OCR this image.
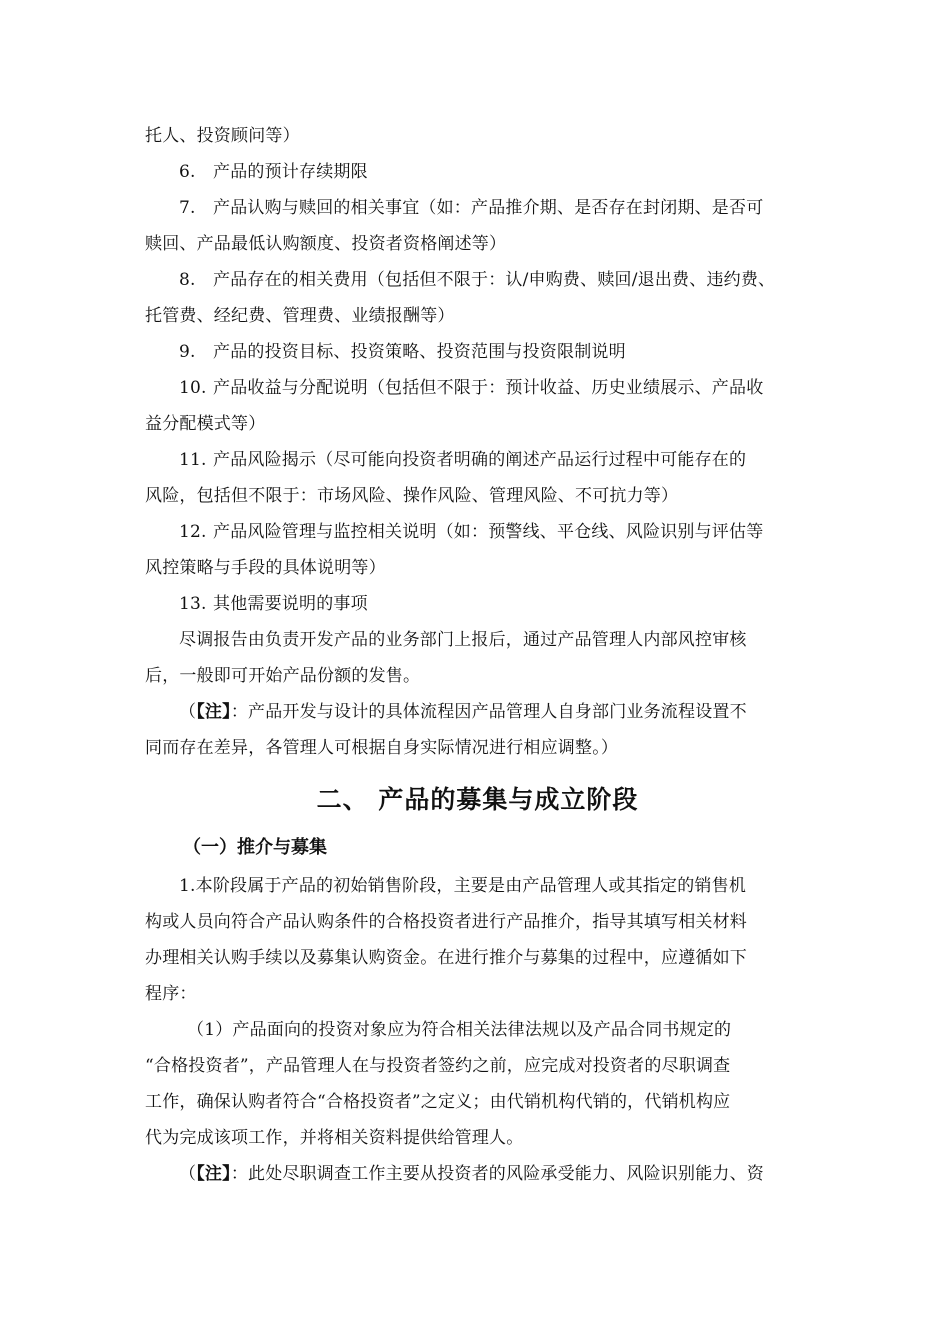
托人、投资顾问等）
6. 产品的预计存续期限
7. 产品认购与赎回的相关事宜（如：产品推介期、是否存在封闭期、是否可
赎回、产品最低认购额度、投资者资格阐述等）
8. 产品存在的相关费用（包括但不限于：认/申购费、赎回/退出费、违约费、
托管费、经纪费、管理费、业绩报酬等）
9. 产品的投资目标、投资策略、投资范围与投资限制说明
10. 产品收益与分配说明（包括但不限于：预计收益、历史业绩展示、产品收
益分配模式等）
11. 产品风险揭示（尽可能向投资者明确的阐述产品运行过程中可能存在的
风险，包括但不限于：市场风险、操作风险、管理风险、不可抗力等）
12. 产品风险管理与监控相关说明（如：预警线、平仓线、风险识别与评估等
风控策略与手段的具体说明等）
13. 其他需要说明的事项
尽调报告由负责开发产品的业务部门上报后，通过产品管理人内部风控审核
后，一般即可开始产品份额的发售。
（【注】：产品开发与设计的具体流程因产品管理人自身部门业务流程设置不
同而存在差异，各管理人可根据自身实际情况进行相应调整。）
二、 产品的募集与成立阶段
（一）推介与募集
1.本阶段属于产品的初始销售阶段，主要是由产品管理人或其指定的销售机
构或人员向符合产品认购条件的合格投资者进行产品推介，指导其填写相关材料
办理相关认购手续以及募集认购资金。在进行推介与募集的过程中，应遵循如下
程序：
（1）产品面向的投资对象应为符合相关法律法规以及产品合同书规定的
“合格投资者”，产品管理人在与投资者签约之前，应完成对投资者的尽职调查
工作，确保认购者符合“合格投资者”之定义；由代销机构代销的，代销机构应
代为完成该项工作，并将相关资料提供给管理人。
（【注】：此处尽职调查工作主要从投资者的风险承受能力、风险识别能力、资
